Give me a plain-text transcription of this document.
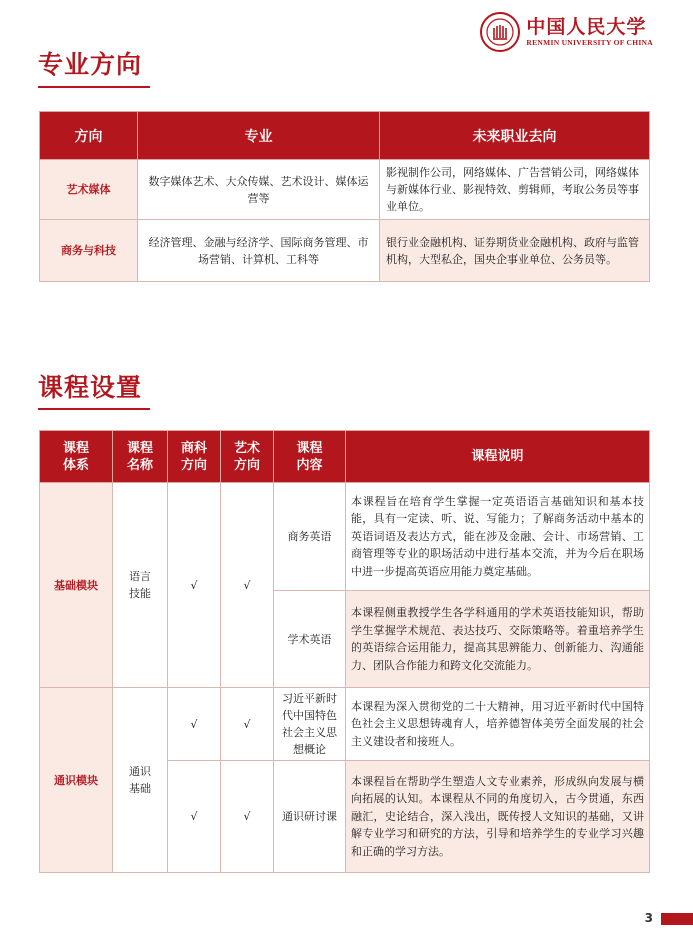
中国人民大学
RENMIN UNIVERSITY OF CHINA
专业方向
方向	专业	未来职业去向
艺术媒体	数字媒体艺术、大众传媒、艺术设计、媒体运营等	影视制作公司，网络媒体、广告营销公司，网络媒体与新媒体行业、影视特效、剪辑师，考取公务员等事业单位。
商务与科技	经济管理、金融与经济学、国际商务管理、市场营销、计算机、工科等	银行业金融机构、证券期货业金融机构、政府与监管机构，大型私企，国央企事业单位、公务员等。
课程设置
课程体系	课程名称	商科方向	艺术方向	课程内容	课程说明
基础模块	语言技能	√	√	商务英语	本课程旨在培育学生掌握一定英语语言基础知识和基本技能，具有一定读、听、说、写能力；了解商务活动中基本的英语词语及表达方式，能在涉及金融、会计、市场营销、工商管理等专业的职场活动中进行基本交流，并为今后在职场中进一步提高英语应用能力奠定基础。
				学术英语	本课程侧重教授学生各学科通用的学术英语技能知识，帮助学生掌握学术规范、表达技巧、交际策略等。着重培养学生的英语综合运用能力，提高其思辨能力、创新能力、沟通能力、团队合作能力和跨文化交流能力。
通识模块	通识基础	√	√	习近平新时代中国特色社会主义思想概论	本课程为深入贯彻党的二十大精神，用习近平新时代中国特色社会主义思想铸魂育人，培养德智体美劳全面发展的社会主义建设者和接班人。
		√	√	通识研讨课	本课程旨在帮助学生塑造人文专业素养，形成纵向发展与横向拓展的认知。本课程从不同的角度切入，古今贯通，东西融汇，史论结合，深入浅出，既传授人文知识的基础，又讲解专业学习和研究的方法，引导和培养学生的专业学习兴趣和正确的学习方法。
3
